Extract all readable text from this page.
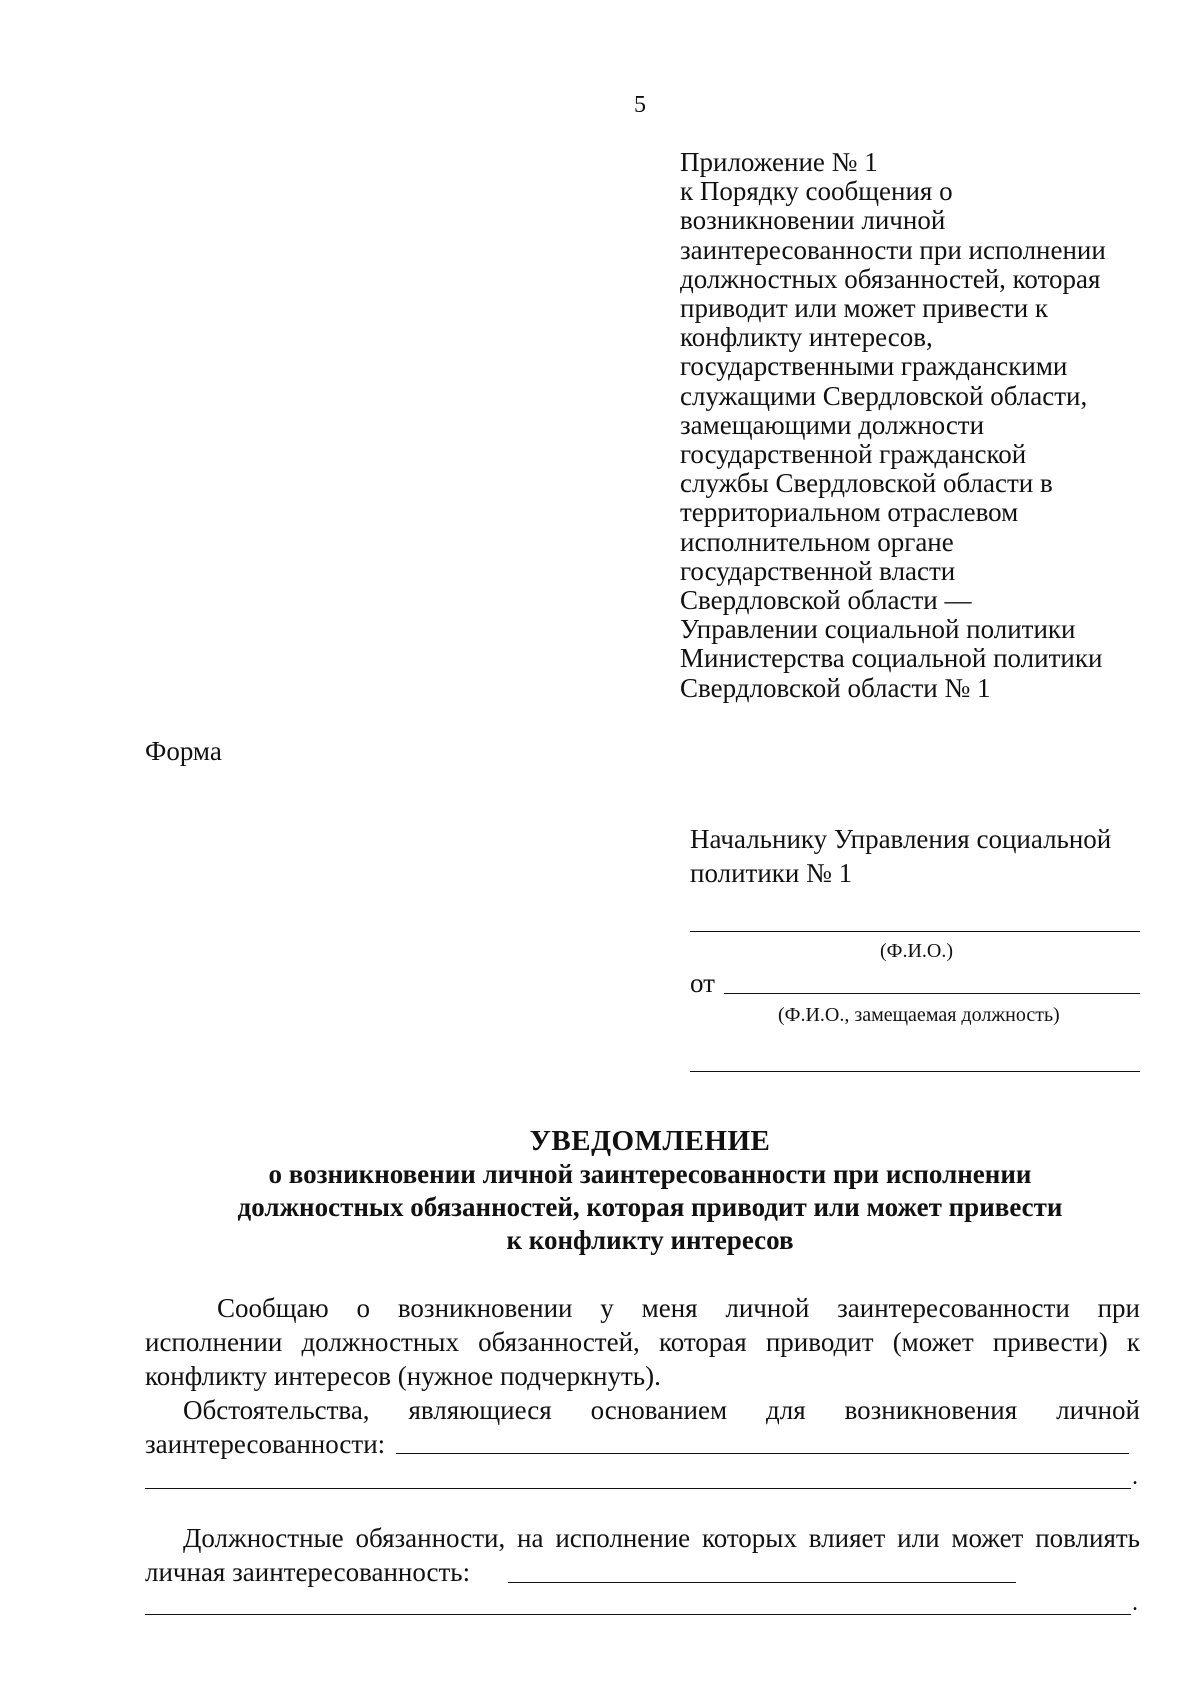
5
Приложение № 1
к Порядку сообщения о
возникновении личной
заинтересованности при исполнении
должностных обязанностей, которая
приводит или может привести к
конфликту интересов,
государственными гражданскими
служащими Свердловской области,
замещающими должности
государственной гражданской
службы Свердловской области в
территориальном отраслевом
исполнительном органе
государственной власти
Свердловской области —
Управлении социальной политики
Министерства социальной политики
Свердловской области № 1
Форма
Начальнику Управления социальной
политики № 1
(Ф.И.О.)
от
(Ф.И.О., замещаемая должность)
УВЕДОМЛЕНИЕ
о возникновении личной заинтересованности при исполнении
должностных обязанностей, которая приводит или может привести
к конфликту интересов
Сообщаю о возникновении у меня личной заинтересованности при
исполнении должностных обязанностей, которая приводит (может привести) к
конфликту интересов (нужное подчеркнуть).
Обстоятельства, являющиеся основанием для возникновения личной
заинтересованности:
.
Должностные обязанности, на исполнение которых влияет или может повлиять
личная заинтересованность:
.
